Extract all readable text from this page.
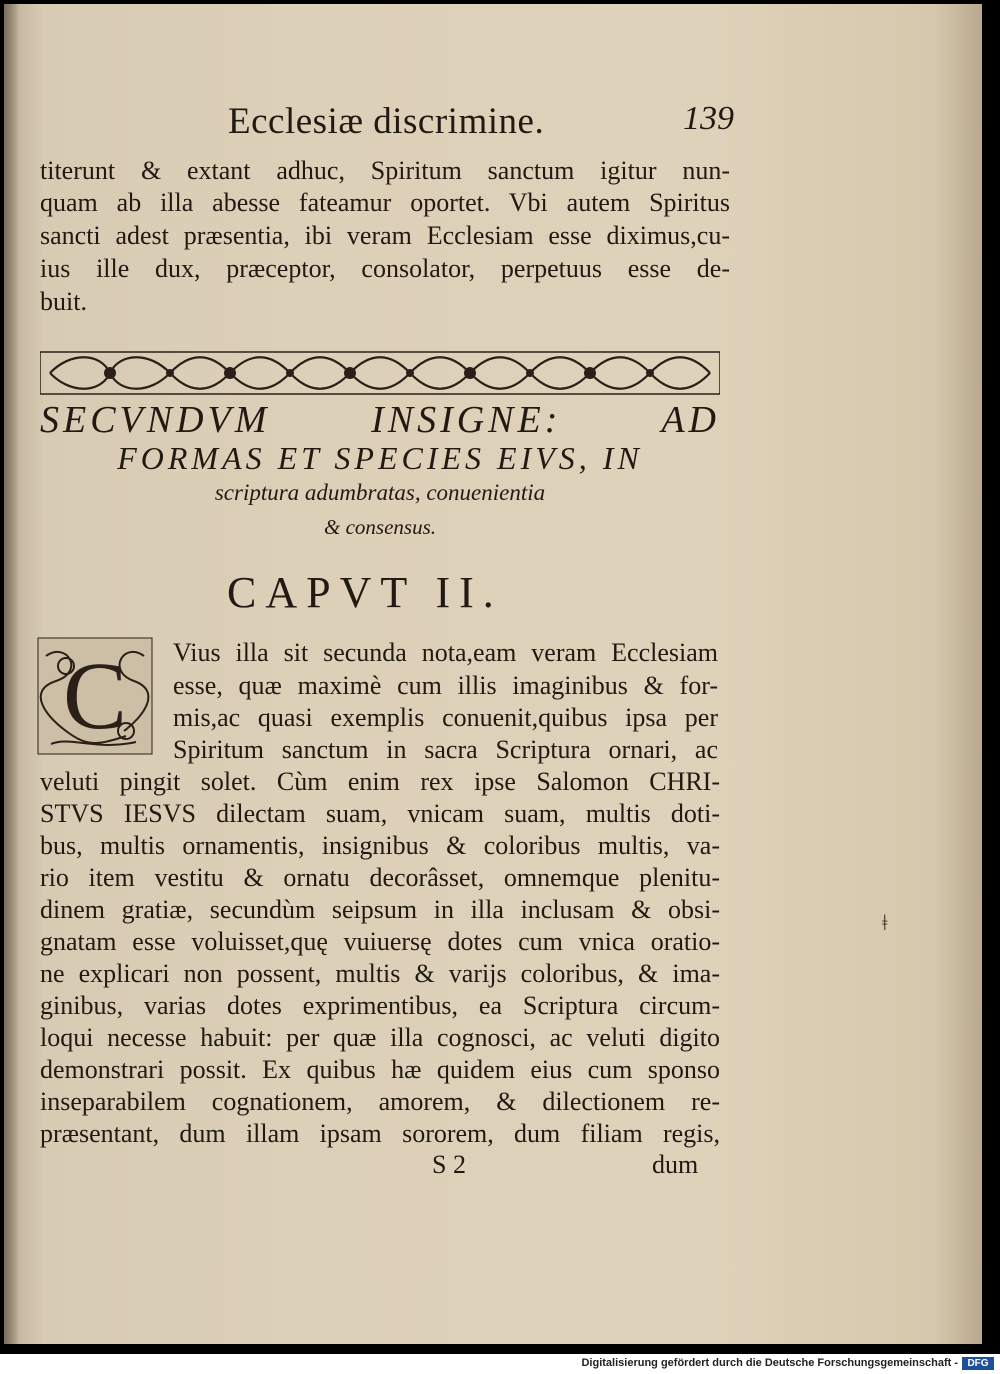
Ecclesiæ discrimine.	139
titerunt & extant adhuc, Spiritum sanctum igitur nun-
quam ab illa abesse fateamur oportet. Vbi autem Spiritus
sancti adest præsentia, ibi veram Ecclesiam esse diximus,cu-
ius ille dux, præceptor, consolator, perpetuus esse de-
buit.
SECVNDVM INSIGNE: AD
FORMAS ET SPECIES EIVS, IN
scriptura adumbratas, conuenientia
& consensus.
CAPVT II.
C Vius illa sit secunda nota,eam veram Ecclesiam
esse, quæ maximè cum illis imaginibus & for-
mis,ac quasi exemplis conuenit,quibus ipsa per
Spiritum sanctum in sacra Scriptura ornari, ac
veluti pingit solet. Cùm enim rex ipse Salomon CHRI-
STVS IESVS dilectam suam, vnicam suam, multis doti-
bus, multis ornamentis, insignibus & coloribus multis, va-
rio item vestitu & ornatu decorâsset, omnemque plenitu-
dinem gratiæ, secundùm seipsum in illa inclusam & obsi-
gnatam esse voluisset,quę vuiuersę dotes cum vnica oratio-
ne explicari non possent, multis & varijs coloribus, & ima-
ginibus, varias dotes exprimentibus, ea Scriptura circum-
loqui necesse habuit: per quæ illa cognosci, ac veluti digito
demonstrari possit. Ex quibus hæ quidem eius cum sponso
inseparabilem cognationem, amorem, & dilectionem re-
præsentant, dum illam ipsam sororem, dum filiam regis,
S 2	dum
ǂ
Digitalisierung gefördert durch die Deutsche Forschungsgemeinschaft - DFG
